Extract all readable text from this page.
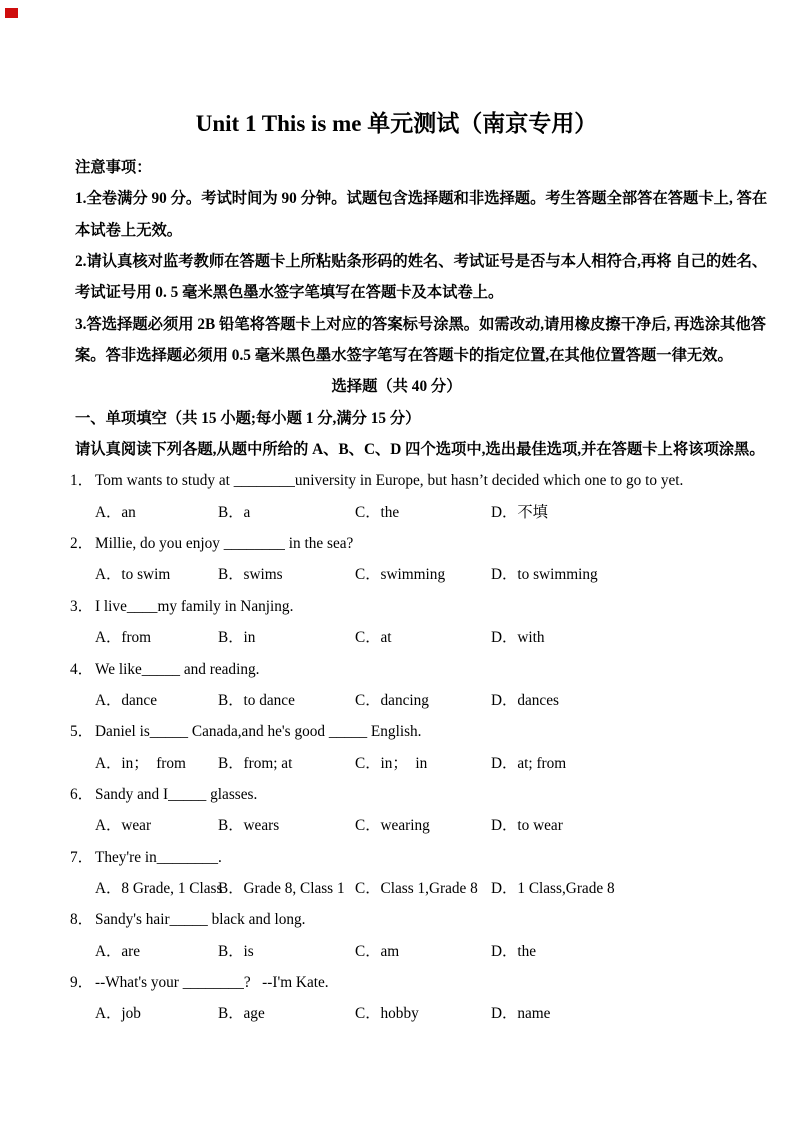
Unit 1 This is me 单元测试（南京专用）
注意事项：
1.全卷满分 90 分。考试时间为 90 分钟。试题包含选择题和非选择题。考生答题全部答在答题卡上, 答在
本试卷上无效。
2.请认真核对监考教师在答题卡上所粘贴条形码的姓名、考试证号是否与本人相符合,再将 自己的姓名、
考试证号用 0. 5 毫米黑色墨水签字笔填写在答题卡及本试卷上。
3.答选择题必须用 2B 铅笔将答题卡上对应的答案标号涂黑。如需改动,请用橡皮擦干净后, 再选涂其他答
案。答非选择题必须用 0.5 毫米黑色墨水签字笔写在答题卡的指定位置,在其他位置答题一律无效。
选择题（共 40 分）
一、单项填空（共 15 小题;每小题 1 分,满分 15 分）
请认真阅读下列各题,从题中所给的 A、B、C、D 四个选项中,选出最佳选项,并在答题卡上将该项涂黑。
1． Tom wants to study at ________university in Europe, but hasn’t decided which one to go to yet.

A．an

	B．a

	C．the

	D．不填

2． Millie, do you enjoy ________ in the sea?

A．to swim

	B．swims

	C．swimming

	D．to swimming

3． I live____my family in Nanjing.

A．from

	B．in

	C．at

	D．with

4． We like_____ and reading.

A．dance

	B．to dance

	C．dancing

	D．dances

5． Daniel is_____ Canada,and he's good _____ English.

A．in；  from

B．from; at

	C．in；  in

	D．at; from

6． Sandy and I_____ glasses.

A．wear

	B．wears

	C．wearing

	D．to wear

7． They're in________.

A．8 Grade, 1 Class

B．Grade 8, Class 1

C．Class 1,Grade 8

D．1 Class,Grade 8

8． Sandy's hair_____ black and long.

A．are

	B．is

	C．am

	D．the

9． --What's your ________?   --I'm Kate.

A．job

	B．age

	C．hobby

	D．name
